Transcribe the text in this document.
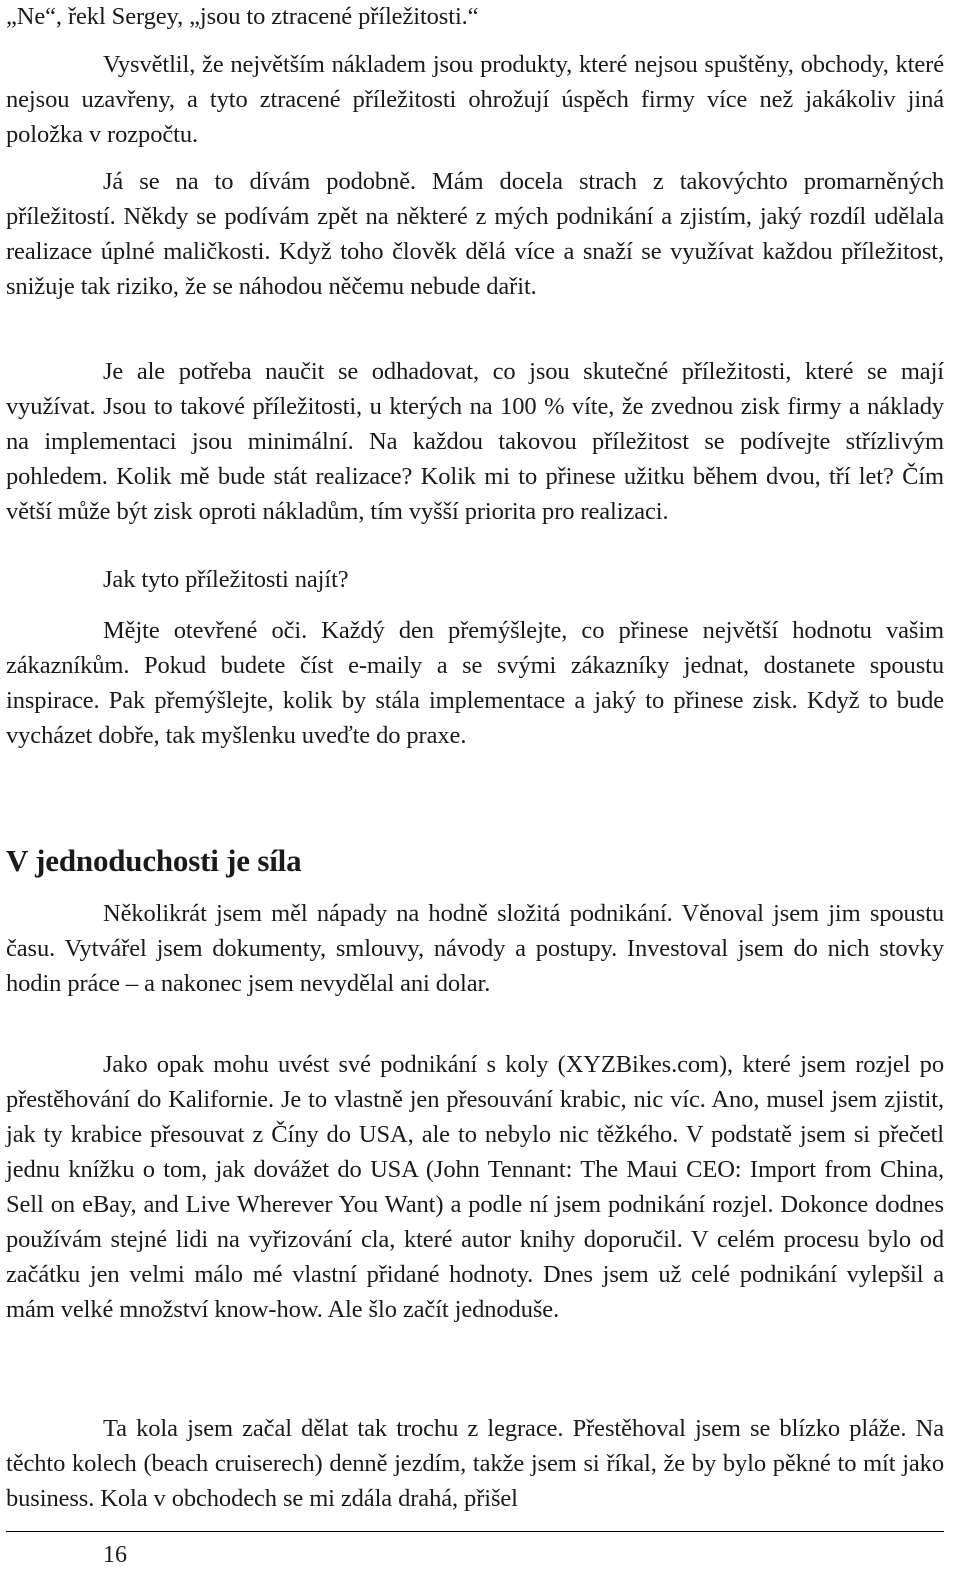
„Ne“, řekl Sergey, „jsou to ztracené příležitosti.“

Vysvětlil, že největším nákladem jsou produkty, které nejsou spuštěny, obchody, které nejsou uzavřeny, a tyto ztracené příležitosti ohrožují úspěch firmy více než jakákoliv jiná položka v rozpočtu.

Já se na to dívám podobně. Mám docela strach z takovýchto promarněných příležitostí. Někdy se podívám zpět na některé z mých podnikání a zjistím, jaký rozdíl udělala realizace úplné maličkosti. Když toho člověk dělá více a snaží se využívat každou příležitost, snižuje tak riziko, že se náhodou něčemu nebude dařit.

Je ale potřeba naučit se odhadovat, co jsou skutečné příležitosti, které se mají využívat. Jsou to takové příležitosti, u kterých na 100 % víte, že zvednou zisk firmy a náklady na implementaci jsou minimální. Na každou takovou příležitost se podívejte střízlivým pohledem. Kolik mě bude stát realizace? Kolik mi to přinese užitku během dvou, tří let? Čím větší může být zisk oproti nákladům, tím vyšší priorita pro realizaci.

Jak tyto příležitosti najít?

Mějte otevřené oči. Každý den přemýšlejte, co přinese největší hodnotu vašim zákazníkům. Pokud budete číst e-maily a se svými zákazníky jednat, dostanete spoustu inspirace. Pak přemýšlejte, kolik by stála implementace a jaký to přinese zisk. Když to bude vycházet dobře, tak myšlenku uveďte do praxe.

V jednoduchosti je síla

Několikrát jsem měl nápady na hodně složitá podnikání. Věnoval jsem jim spoustu času. Vytvářel jsem dokumenty, smlouvy, návody a postupy. Investoval jsem do nich stovky hodin práce – a nakonec jsem nevydělal ani dolar.

Jako opak mohu uvést své podnikání s koly (XYZBikes.com), které jsem rozjel po přestěhování do Kalifornie. Je to vlastně jen přesouvání krabic, nic víc. Ano, musel jsem zjistit, jak ty krabice přesouvat z Číny do USA, ale to nebylo nic těžkého. V podstatě jsem si přečetl jednu knížku o tom, jak dovážet do USA (John Tennant: The Maui CEO: Import from China, Sell on eBay, and Live Wherever You Want) a podle ní jsem podnikání rozjel. Dokonce dodnes používám stejné lidi na vyřizování cla, které autor knihy doporučil. V celém procesu bylo od začátku jen velmi málo mé vlastní přidané hodnoty. Dnes jsem už celé podnikání vylepšil a mám velké množství know-how. Ale šlo začít jednoduše.

Ta kola jsem začal dělat tak trochu z legrace. Přestěhoval jsem se blízko pláže. Na těchto kolech (beach cruiserech) denně jezdím, takže jsem si říkal, že by bylo pěkné to mít jako business. Kola v obchodech se mi zdála drahá, přišel

16
